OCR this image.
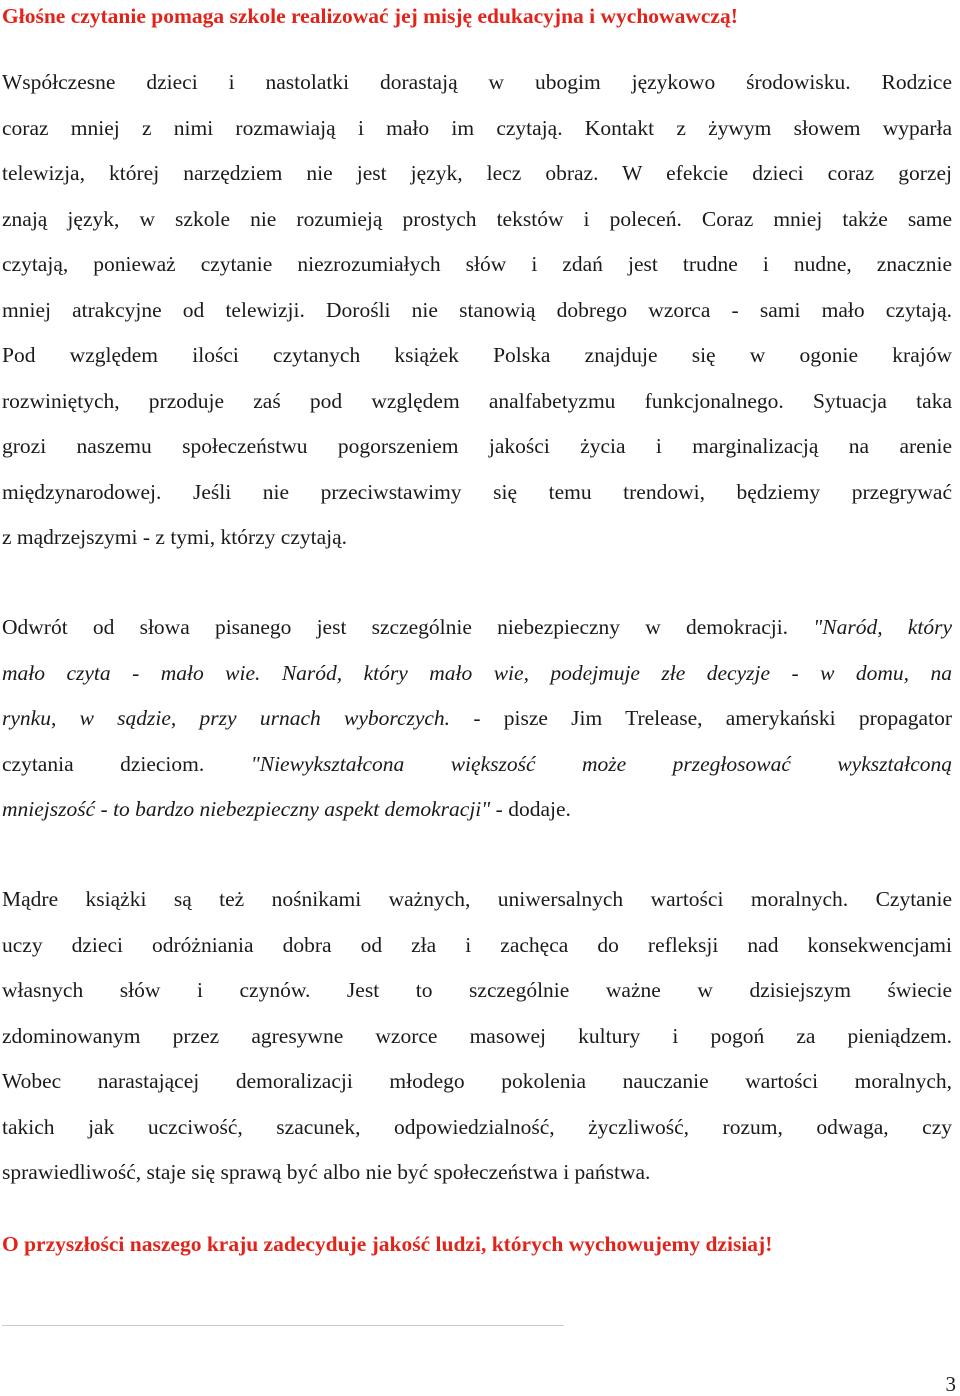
Głośne czytanie pomaga szkole realizować jej misję edukacyjna i wychowawczą!

Współczesne dzieci i nastolatki dorastają w ubogim językowo środowisku. Rodzice
coraz mniej z nimi rozmawiają i mało im czytają. Kontakt z żywym słowem wyparła
telewizja, której narzędziem nie jest język, lecz obraz. W efekcie dzieci coraz gorzej
znają język, w szkole nie rozumieją prostych tekstów i poleceń. Coraz mniej także same
czytają, ponieważ czytanie niezrozumiałych słów i zdań jest trudne i nudne, znacznie
mniej atrakcyjne od telewizji. Dorośli nie stanowią dobrego wzorca - sami mało czytają.
Pod względem ilości czytanych książek Polska znajduje się w ogonie krajów
rozwiniętych, przoduje zaś pod względem analfabetyzmu funkcjonalnego. Sytuacja taka
grozi naszemu społeczeństwu pogorszeniem jakości życia i marginalizacją na arenie
międzynarodowej. Jeśli nie przeciwstawimy się temu trendowi, będziemy przegrywać
z mądrzejszymi - z tymi, którzy czytają.

Odwrót od słowa pisanego jest szczególnie niebezpieczny w demokracji. "Naród, który
mało czyta - mało wie. Naród, który mało wie, podejmuje złe decyzje - w domu, na
rynku, w sądzie, przy urnach wyborczych. - pisze Jim Trelease, amerykański propagator
czytania dzieciom. "Niewykształcona większość może przegłosować wykształconą
mniejszość - to bardzo niebezpieczny aspekt demokracji" - dodaje.

Mądre książki są też nośnikami ważnych, uniwersalnych wartości moralnych. Czytanie
uczy dzieci odróżniania dobra od zła i zachęca do refleksji nad konsekwencjami
własnych słów i czynów. Jest to szczególnie ważne w dzisiejszym świecie
zdominowanym przez agresywne wzorce masowej kultury i pogoń za pieniądzem.
Wobec narastającej demoralizacji młodego pokolenia nauczanie wartości moralnych,
takich jak uczciwość, szacunek, odpowiedzialność, życzliwość, rozum, odwaga, czy
sprawiedliwość, staje się sprawą być albo nie być społeczeństwa i państwa.

O przyszłości naszego kraju zadecyduje jakość ludzi, których wychowujemy dzisiaj!
3
